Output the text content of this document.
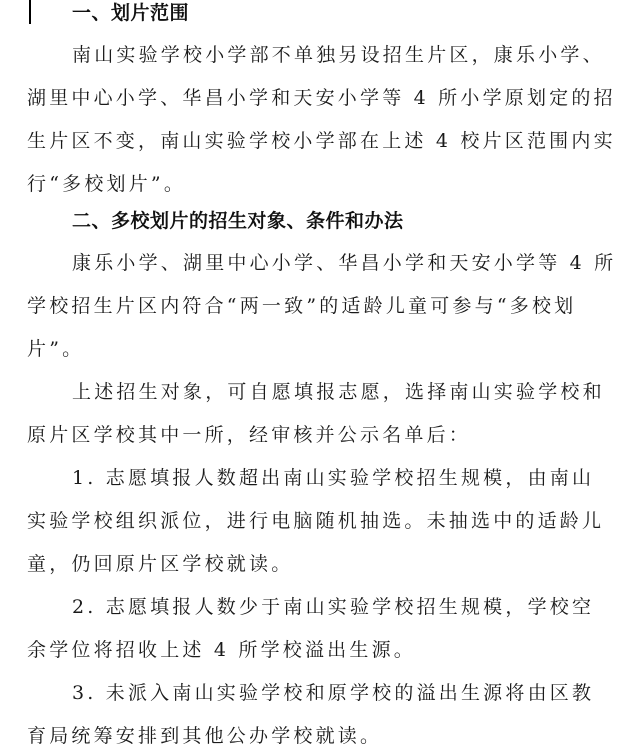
一、划片范围
南山实验学校小学部不单独另设招生片区，康乐小学、
湖里中心小学、华昌小学和天安小学等 4 所小学原划定的招
生片区不变，南山实验学校小学部在上述 4 校片区范围内实
行“多校划片”。
二、多校划片的招生对象、条件和办法
康乐小学、湖里中心小学、华昌小学和天安小学等 4 所
学校招生片区内符合“两一致”的适龄儿童可参与“多校划
片”。
上述招生对象，可自愿填报志愿，选择南山实验学校和
原片区学校其中一所，经审核并公示名单后：
1. 志愿填报人数超出南山实验学校招生规模，由南山
实验学校组织派位，进行电脑随机抽选。未抽选中的适龄儿
童，仍回原片区学校就读。
2. 志愿填报人数少于南山实验学校招生规模，学校空
余学位将招收上述 4 所学校溢出生源。
3. 未派入南山实验学校和原学校的溢出生源将由区教
育局统筹安排到其他公办学校就读。
